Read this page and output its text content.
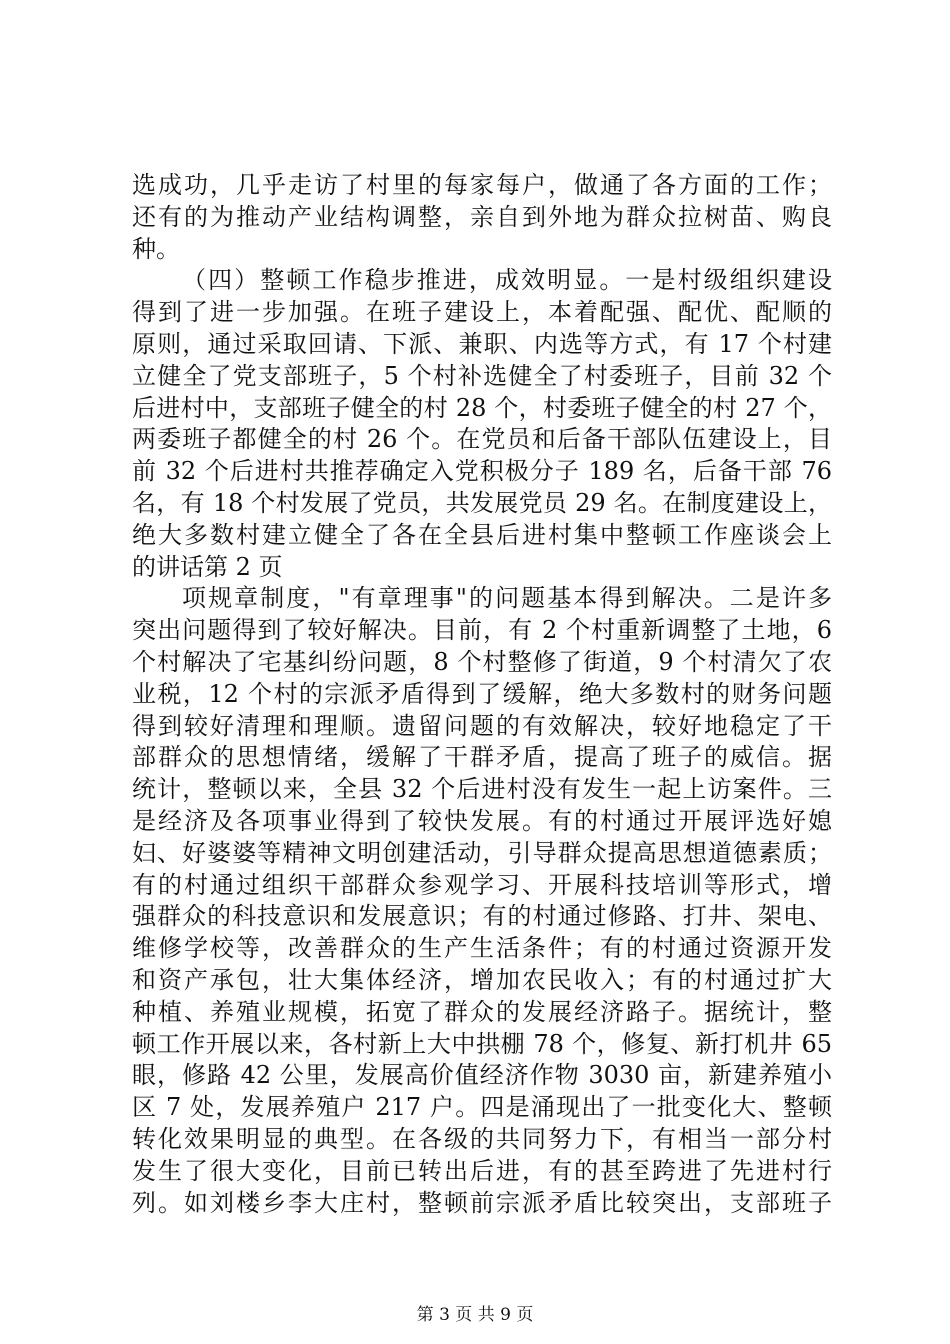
选成功，几乎走访了村里的每家每户，做通了各方面的工作；
还有的为推动产业结构调整，亲自到外地为群众拉树苗、购良
种。
（四）整顿工作稳步推进，成效明显。一是村级组织建设
得到了进一步加强。在班子建设上，本着配强、配优、配顺的
原则，通过采取回请、下派、兼职、内选等方式，有 17 个村建
立健全了党支部班子，5 个村补选健全了村委班子，目前 32 个
后进村中，支部班子健全的村 28 个，村委班子健全的村 27 个，
两委班子都健全的村 26 个。在党员和后备干部队伍建设上，目
前 32 个后进村共推荐确定入党积极分子 189 名，后备干部 76
名，有 18 个村发展了党员，共发展党员 29 名。在制度建设上，
绝大多数村建立健全了各在全县后进村集中整顿工作座谈会上
的讲话第 2 页
项规章制度，"有章理事"的问题基本得到解决。二是许多
突出问题得到了较好解决。目前，有 2 个村重新调整了土地，6
个村解决了宅基纠纷问题，8 个村整修了街道，9 个村清欠了农
业税，12 个村的宗派矛盾得到了缓解，绝大多数村的财务问题
得到较好清理和理顺。遗留问题的有效解决，较好地稳定了干
部群众的思想情绪，缓解了干群矛盾，提高了班子的威信。据
统计，整顿以来，全县 32 个后进村没有发生一起上访案件。三
是经济及各项事业得到了较快发展。有的村通过开展评选好媳
妇、好婆婆等精神文明创建活动，引导群众提高思想道德素质；
有的村通过组织干部群众参观学习、开展科技培训等形式，增
强群众的科技意识和发展意识；有的村通过修路、打井、架电、
维修学校等，改善群众的生产生活条件；有的村通过资源开发
和资产承包，壮大集体经济，增加农民收入；有的村通过扩大
种植、养殖业规模，拓宽了群众的发展经济路子。据统计，整
顿工作开展以来，各村新上大中拱棚 78 个，修复、新打机井 65
眼，修路 42 公里，发展高价值经济作物 3030 亩，新建养殖小
区 7 处，发展养殖户 217 户。四是涌现出了一批变化大、整顿
转化效果明显的典型。在各级的共同努力下，有相当一部分村
发生了很大变化，目前已转出后进，有的甚至跨进了先进村行
列。如刘楼乡李大庄村，整顿前宗派矛盾比较突出，支部班子
第 3 页 共 9 页
